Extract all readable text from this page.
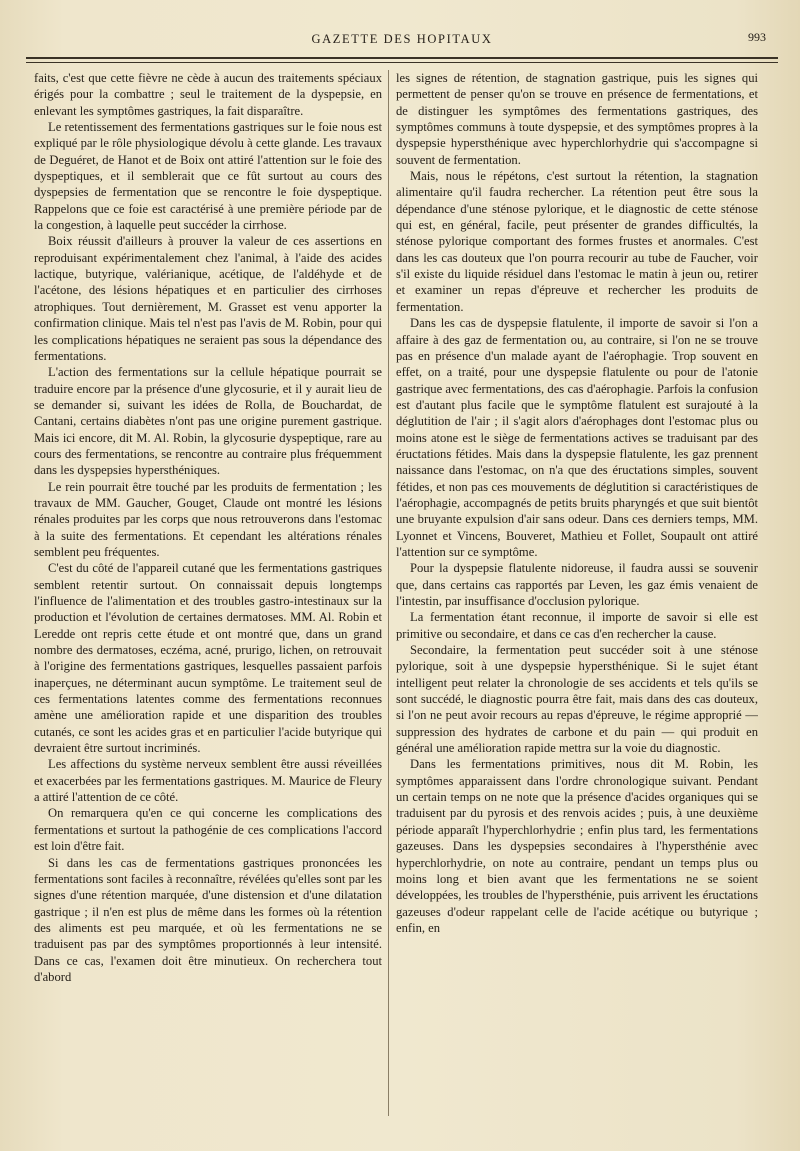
GAZETTE DES HOPITAUX	993

faits, c'est que cette fièvre ne cède à aucun des traitements spéciaux érigés pour la combattre ; seul le traitement de la dyspepsie, en enlevant les symptômes gastriques, la fait disparaître.

Le retentissement des fermentations gastriques sur le foie nous est expliqué par le rôle physiologique dévolu à cette glande. Les travaux de Deguéret, de Hanot et de Boix ont attiré l'attention sur le foie des dyspeptiques, et il semblerait que ce fût surtout au cours des dyspepsies de fermentation que se rencontre le foie dyspeptique. Rappelons que ce foie est caractérisé à une première période par de la congestion, à laquelle peut succéder la cirrhose.

Boix réussit d'ailleurs à prouver la valeur de ces assertions en reproduisant expérimentalement chez l'animal, à l'aide des acides lactique, butyrique, valérianique, acétique, de l'aldéhyde et de l'acétone, des lésions hépatiques et en particulier des cirrhoses atrophiques. Tout dernièrement, M. Grasset est venu apporter la confirmation clinique. Mais tel n'est pas l'avis de M. Robin, pour qui les complications hépatiques ne seraient pas sous la dépendance des fermentations.

L'action des fermentations sur la cellule hépatique pourrait se traduire encore par la présence d'une glycosurie, et il y aurait lieu de se demander si, suivant les idées de Rolla, de Bouchardat, de Cantani, certains diabètes n'ont pas une origine purement gastrique. Mais ici encore, dit M. Al. Robin, la glycosurie dyspeptique, rare au cours des fermentations, se rencontre au contraire plus fréquemment dans les dyspepsies hypersthéniques.

Le rein pourrait être touché par les produits de fermentation ; les travaux de MM. Gaucher, Gouget, Claude ont montré les lésions rénales produites par les corps que nous retrouverons dans l'estomac à la suite des fermentations. Et cependant les altérations rénales semblent peu fréquentes.

C'est du côté de l'appareil cutané que les fermentations gastriques semblent retentir surtout. On connaissait depuis longtemps l'influence de l'alimentation et des troubles gastro-intestinaux sur la production et l'évolution de certaines dermatoses. MM. Al. Robin et Leredde ont repris cette étude et ont montré que, dans un grand nombre des dermatoses, eczéma, acné, prurigo, lichen, on retrouvait à l'origine des fermentations gastriques, lesquelles passaient parfois inaperçues, ne déterminant aucun symptôme. Le traitement seul de ces fermentations latentes comme des fermentations reconnues amène une amélioration rapide et une disparition des troubles cutanés, ce sont les acides gras et en particulier l'acide butyrique qui devraient être surtout incriminés.

Les affections du système nerveux semblent être aussi réveillées et exacerbées par les fermentations gastriques. M. Maurice de Fleury a attiré l'attention de ce côté.

On remarquera qu'en ce qui concerne les complications des fermentations et surtout la pathogénie de ces complications l'accord est loin d'être fait.

Si dans les cas de fermentations gastriques prononcées les fermentations sont faciles à reconnaître, révélées qu'elles sont par les signes d'une rétention marquée, d'une distension et d'une dilatation gastrique ; il n'en est plus de même dans les formes où la rétention des aliments est peu marquée, et où les fermentations ne se traduisent pas par des symptômes proportionnés à leur intensité. Dans ce cas, l'examen doit être minutieux. On recherchera tout d'abord

les signes de rétention, de stagnation gastrique, puis les signes qui permettent de penser qu'on se trouve en présence de fermentations, et de distinguer les symptômes des fermentations gastriques, des symptômes communs à toute dyspepsie, et des symptômes propres à la dyspepsie hypersthénique avec hyperchlorhydrie qui s'accompagne si souvent de fermentation.

Mais, nous le répétons, c'est surtout la rétention, la stagnation alimentaire qu'il faudra rechercher. La rétention peut être sous la dépendance d'une sténose pylorique, et le diagnostic de cette sténose qui est, en général, facile, peut présenter de grandes difficultés, la sténose pylorique comportant des formes frustes et anormales. C'est dans les cas douteux que l'on pourra recourir au tube de Faucher, voir s'il existe du liquide résiduel dans l'estomac le matin à jeun ou, retirer et examiner un repas d'épreuve et rechercher les produits de fermentation.

Dans les cas de dyspepsie flatulente, il importe de savoir si l'on a affaire à des gaz de fermentation ou, au contraire, si l'on ne se trouve pas en présence d'un malade ayant de l'aérophagie. Trop souvent en effet, on a traité, pour une dyspepsie flatulente ou pour de l'atonie gastrique avec fermentations, des cas d'aérophagie. Parfois la confusion est d'autant plus facile que le symptôme flatulent est surajouté à la déglutition de l'air ; il s'agit alors d'aérophages dont l'estomac plus ou moins atone est le siège de fermentations actives se traduisant par des éructations fétides. Mais dans la dyspepsie flatulente, les gaz prennent naissance dans l'estomac, on n'a que des éructations simples, souvent fétides, et non pas ces mouvements de déglutition si caractéristiques de l'aérophagie, accompagnés de petits bruits pharyngés et que suit bientôt une bruyante expulsion d'air sans odeur. Dans ces derniers temps, MM. Lyonnet et Vincens, Bouveret, Mathieu et Follet, Soupault ont attiré l'attention sur ce symptôme.

Pour la dyspepsie flatulente nidoreuse, il faudra aussi se souvenir que, dans certains cas rapportés par Leven, les gaz émis venaient de l'intestin, par insuffisance d'occlusion pylorique.

La fermentation étant reconnue, il importe de savoir si elle est primitive ou secondaire, et dans ce cas d'en rechercher la cause.

Secondaire, la fermentation peut succéder soit à une sténose pylorique, soit à une dyspepsie hypersthénique. Si le sujet étant intelligent peut relater la chronologie de ses accidents et tels qu'ils se sont succédé, le diagnostic pourra être fait, mais dans des cas douteux, si l'on ne peut avoir recours au repas d'épreuve, le régime approprié — suppression des hydrates de carbone et du pain — qui produit en général une amélioration rapide mettra sur la voie du diagnostic.

Dans les fermentations primitives, nous dit M. Robin, les symptômes apparaissent dans l'ordre chronologique suivant. Pendant un certain temps on ne note que la présence d'acides organiques qui se traduisent par du pyrosis et des renvois acides ; puis, à une deuxième période apparaît l'hyperchlorhydrie ; enfin plus tard, les fermentations gazeuses. Dans les dyspepsies secondaires à l'hypersthénie avec hyperchlorhydrie, on note au contraire, pendant un temps plus ou moins long et bien avant que les fermentations ne se soient développées, les troubles de l'hypersthénie, puis arrivent les éructations gazeuses d'odeur rappelant celle de l'acide acétique ou butyrique ; enfin, en
